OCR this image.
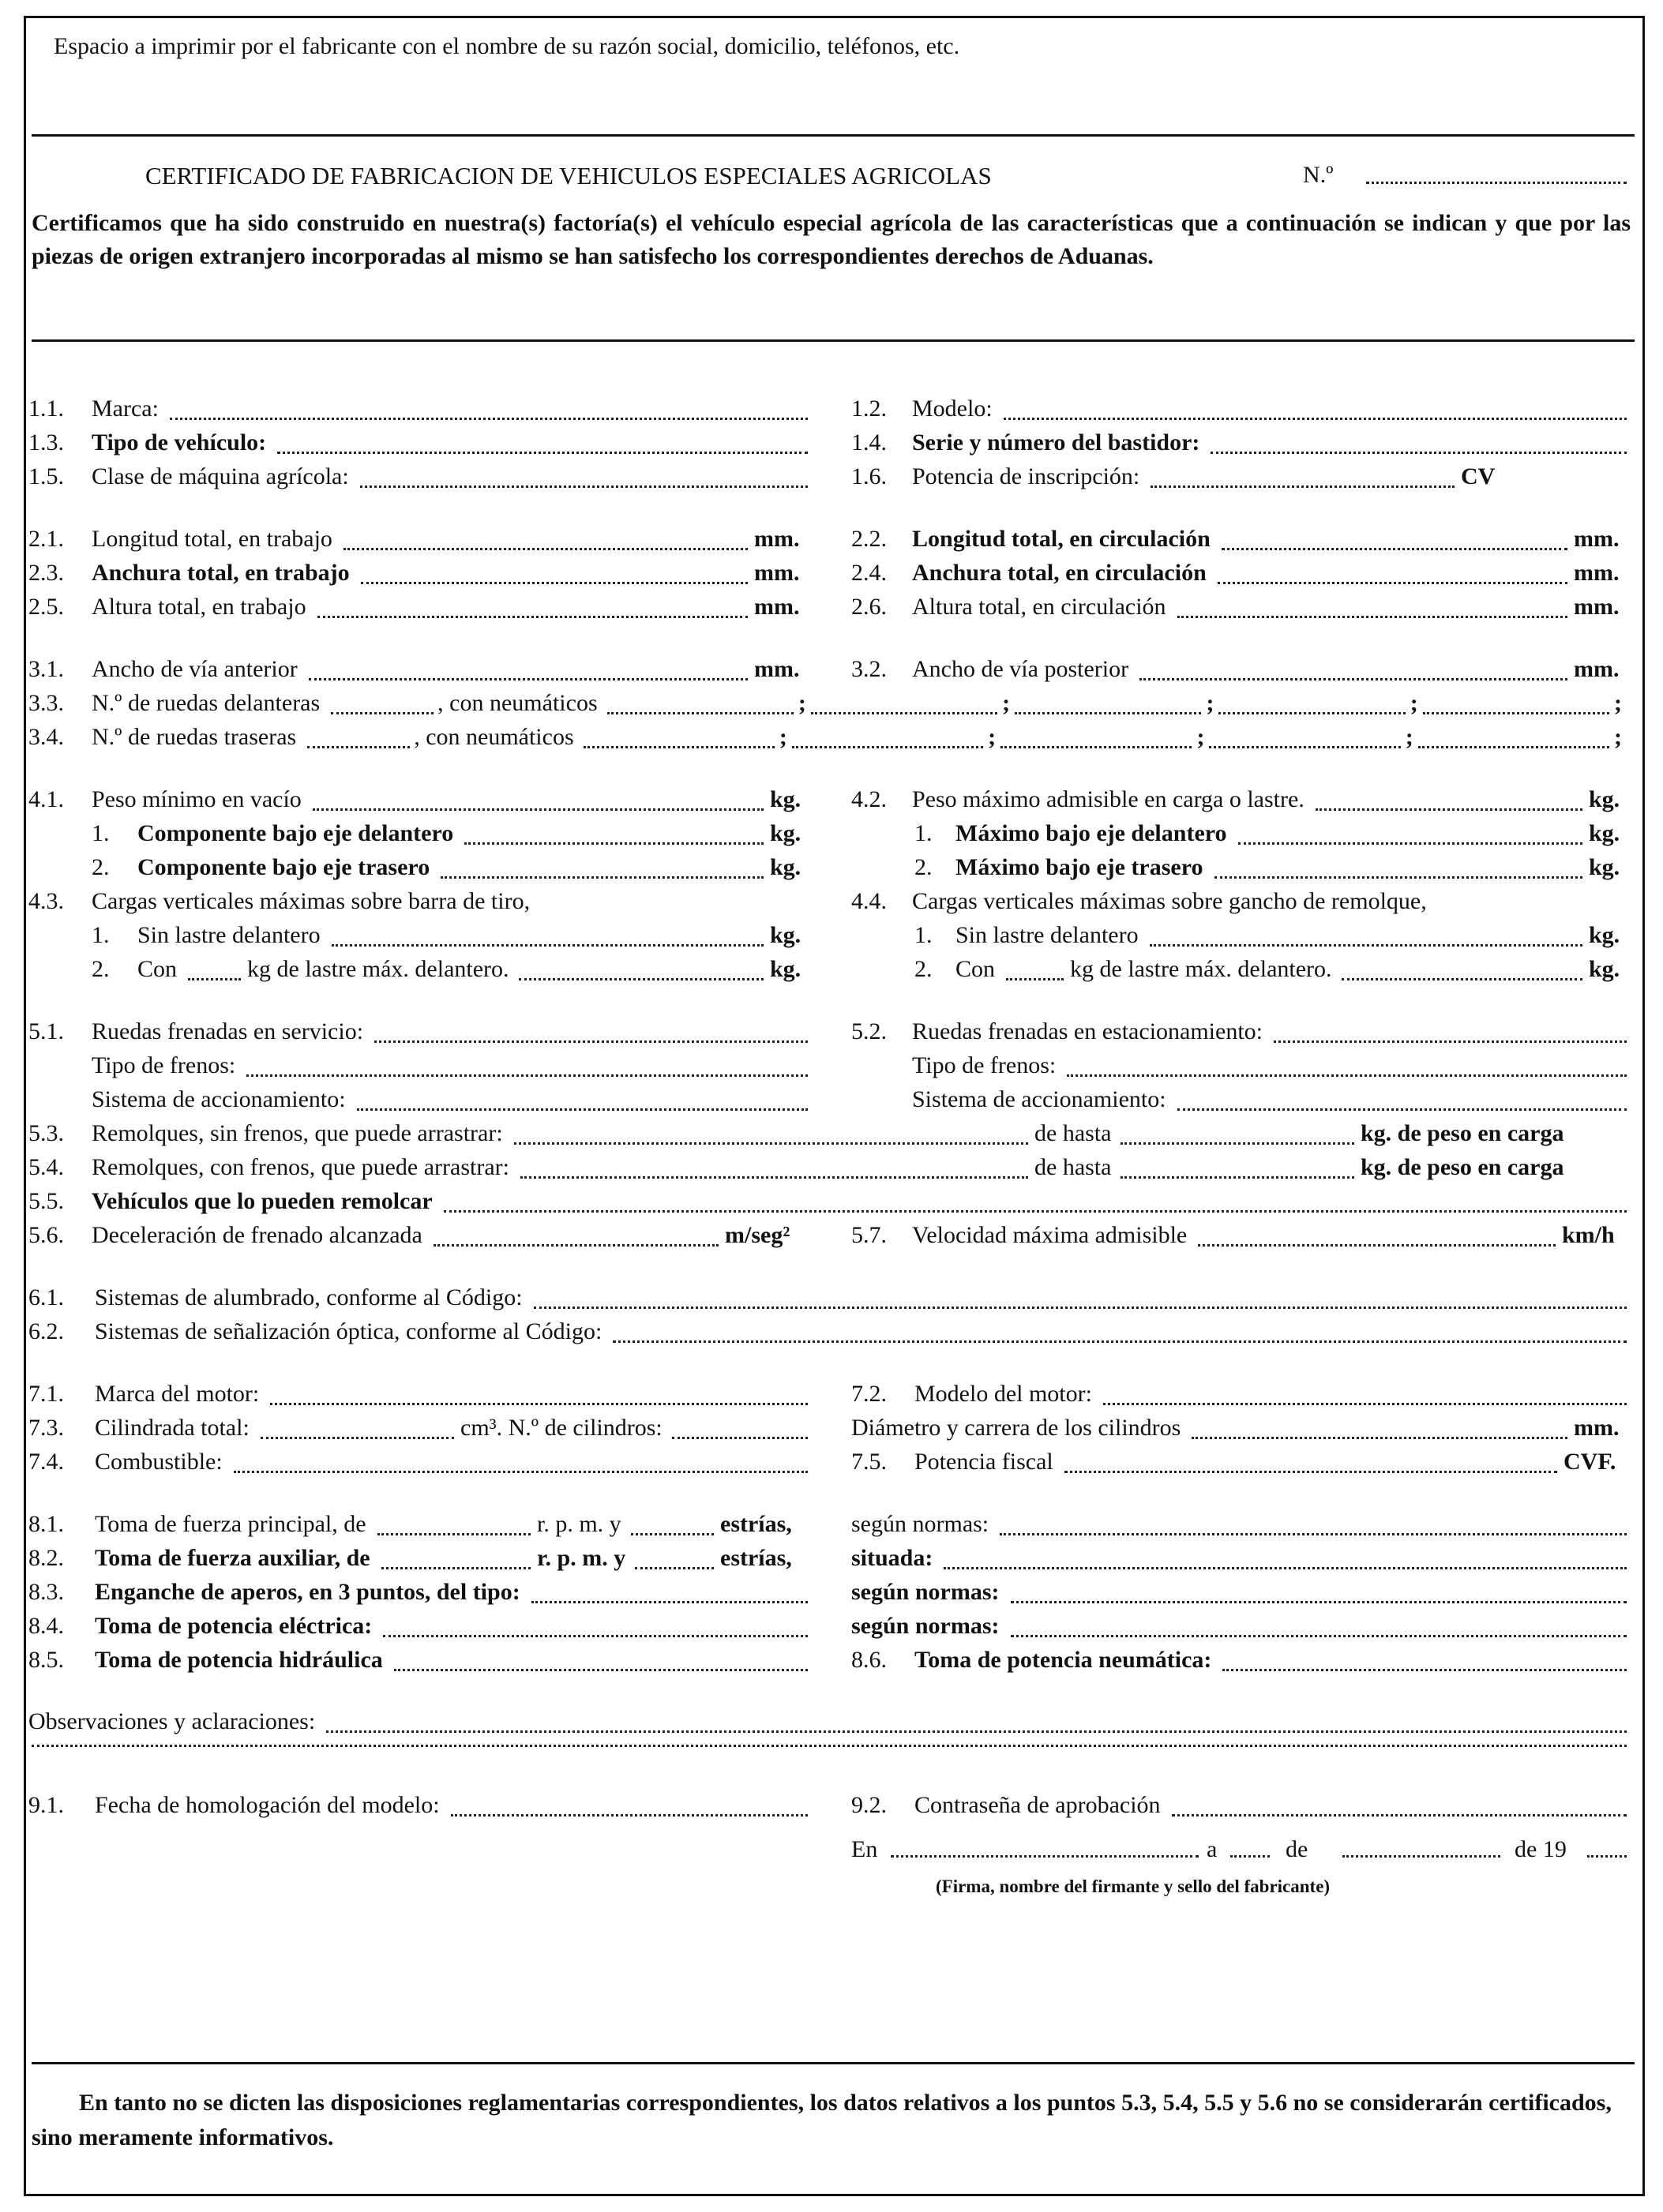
Espacio a imprimir por el fabricante con el nombre de su razón social, domicilio, teléfonos, etc.
CERTIFICADO DE FABRICACION DE VEHICULOS ESPECIALES AGRICOLAS	N.º
Certificamos que ha sido construido en nuestra(s) factoría(s) el vehículo especial agrícola de las características que a continuación se indican y que por las piezas de origen extranjero incorporadas al mismo se han satisfecho los correspondientes derechos de Aduanas.
1.1. Marca:	1.2. Modelo:
1.3. Tipo de vehículo:	1.4. Serie y número del bastidor:
1.5. Clase de máquina agrícola:	1.6. Potencia de inscripción:	CV
2.1. Longitud total, en trabajo	mm. 2.2. Longitud total, en circulación	mm.
2.3. Anchura total, en trabajo	mm. 2.4. Anchura total, en circulación	mm.
2.5. Altura total, en trabajo	mm. 2.6. Altura total, en circulación	mm.
3.1. Ancho de vía anterior	mm. 3.2. Ancho de vía posterior	mm.
3.3. N.º de ruedas delanteras	, con neumáticos	;	;	;	;	;
3.4. N.º de ruedas traseras	, con neumáticos	;	;	;	;	;
4.1. Peso mínimo en vacío	kg.
1. Componente bajo eje delantero	kg.
2. Componente bajo eje trasero	kg.
4.2. Peso máximo admisible en carga o lastre.	kg.
1. Máximo bajo eje delantero	kg.
2. Máximo bajo eje trasero	kg.
4.3. Cargas verticales máximas sobre barra de tiro,
1. Sin lastre delantero	kg.
2. Con	kg de lastre máx. delantero.	kg.
4.4. Cargas verticales máximas sobre gancho de remolque,
1. Sin lastre delantero	kg.
2. Con	kg de lastre máx. delantero.	kg.
5.1. Ruedas frenadas en servicio:
Tipo de frenos:
Sistema de accionamiento:
5.2. Ruedas frenadas en estacionamiento:
Tipo de frenos:
Sistema de accionamiento:
5.3. Remolques, sin frenos, que puede arrastrar:	de hasta	kg. de peso en carga
5.4. Remolques, con frenos, que puede arrastrar:	de hasta	kg. de peso en carga
5.5. Vehículos que lo pueden remolcar
5.6. Deceleración de frenado alcanzada	m/seg²	5.7. Velocidad máxima admisible	km/h
6.1. Sistemas de alumbrado, conforme al Código:
6.2. Sistemas de señalización óptica, conforme al Código:
7.1. Marca del motor:	7.2. Modelo del motor:
7.3. Cilindrada total:	cm³. N.º de cilindros:	Diámetro y carrera de los cilindros	mm.
7.4. Combustible:	7.5. Potencia fiscal	CVF.
8.1. Toma de fuerza principal, de	r. p. m. y	estrías,	según normas:
8.2. Toma de fuerza auxiliar, de	r. p. m. y	estrías,	situada:
8.3. Enganche de aperos, en 3 puntos, del tipo:	según normas:
8.4. Toma de potencia eléctrica:	según normas:
8.5. Toma de potencia hidráulica	8.6. Toma de potencia neumática:
Observaciones y aclaraciones:
9.1. Fecha de homologación del modelo:	9.2. Contraseña de aprobación
En	a	de	de 19
(Firma, nombre del firmante y sello del fabricante)
En tanto no se dicten las disposiciones reglamentarias correspondientes, los datos relativos a los puntos 5.3, 5.4, 5.5 y 5.6 no se considerarán certificados, sino meramente informativos.
